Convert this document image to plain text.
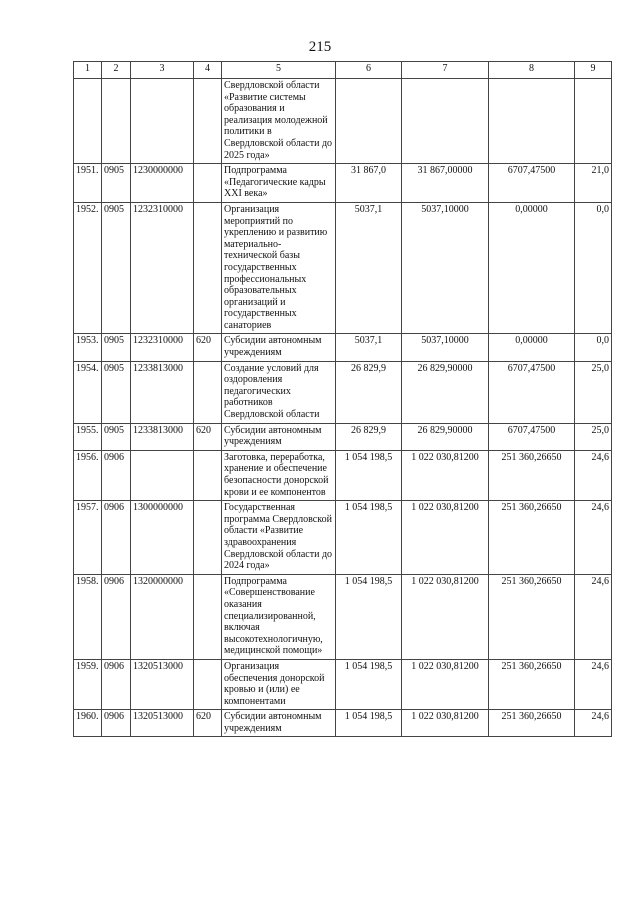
215
1	2	3	4	5	6	7	8	9
				Свердловской области «Развитие системы образования и реализация молодежной политики в Свердловской области до 2025 года»				
1951.	0905	1230000000		Подпрограмма «Педагогические кадры XXI века»	31 867,0	31 867,00000	6707,47500	21,0
1952.	0905	1232310000		Организация мероприятий по укреплению и развитию материально-технической базы государственных профессиональных образовательных организаций и государственных санаториев	5037,1	5037,10000	0,00000	0,0
1953.	0905	1232310000	620	Субсидии автономным учреждениям	5037,1	5037,10000	0,00000	0,0
1954.	0905	1233813000		Создание условий для оздоровления педагогических работников Свердловской области	26 829,9	26 829,90000	6707,47500	25,0
1955.	0905	1233813000	620	Субсидии автономным учреждениям	26 829,9	26 829,90000	6707,47500	25,0
1956.	0906			Заготовка, переработка, хранение и обеспечение безопасности донорской крови и ее компонентов	1 054 198,5	1 022 030,81200	251 360,26650	24,6
1957.	0906	1300000000		Государственная программа Свердловской области «Развитие здравоохранения Свердловской области до 2024 года»	1 054 198,5	1 022 030,81200	251 360,26650	24,6
1958.	0906	1320000000		Подпрограмма «Совершенствование оказания специализированной, включая высокотехнологичную, медицинской помощи»	1 054 198,5	1 022 030,81200	251 360,26650	24,6
1959.	0906	1320513000		Организация обеспечения донорской кровью и (или) ее компонентами	1 054 198,5	1 022 030,81200	251 360,26650	24,6
1960.	0906	1320513000	620	Субсидии автономным учреждениям	1 054 198,5	1 022 030,81200	251 360,26650	24,6
